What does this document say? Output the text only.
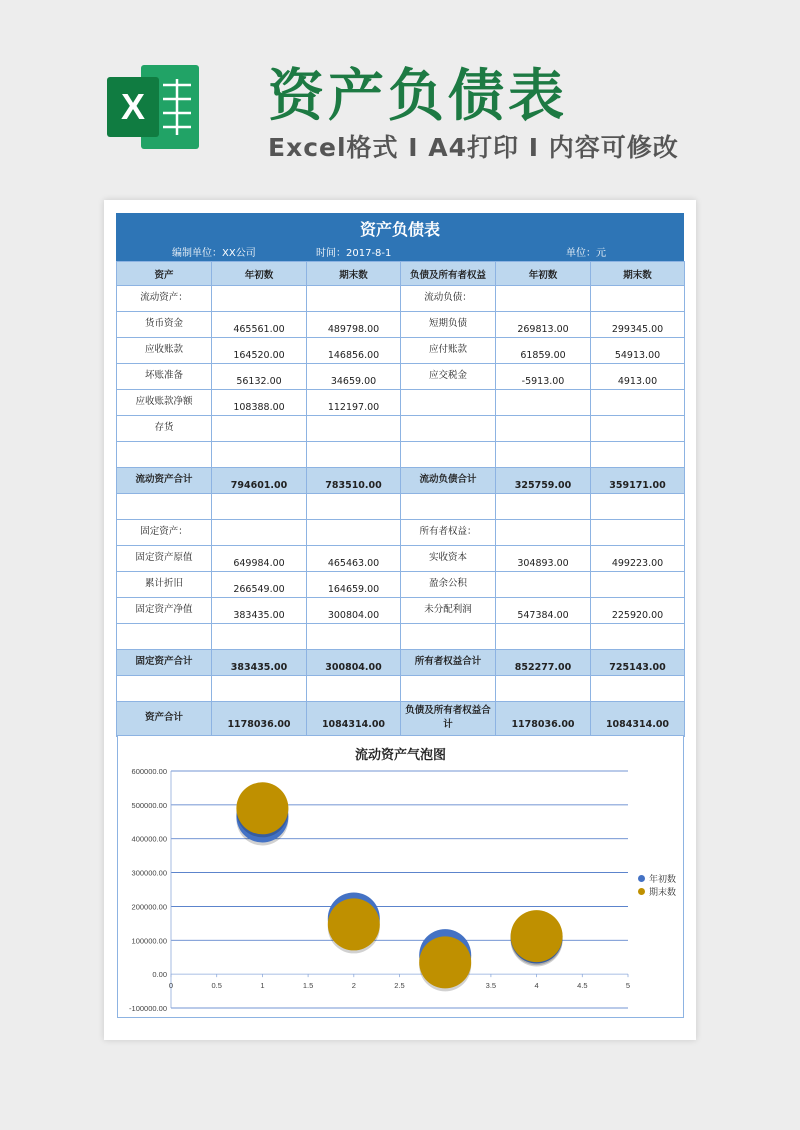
X 资产负债表
Excel格式 I A4打印 I 内容可修改
资产负债表
编制单位：XX公司	时间：2017-8-1	单位：元
资产	年初数	期末数	负债及所有者权益	年初数	期末数
流动资产：			流动负债：		
货币资金	465561.00	489798.00	短期负债	269813.00	299345.00
应收账款	164520.00	146856.00	应付账款	61859.00	54913.00
坏账准备	56132.00	34659.00	应交税金	-5913.00	4913.00
应收账款净额	108388.00	112197.00			
存货					

流动资产合计	794601.00	783510.00	流动负债合计	325759.00	359171.00

固定资产：			所有者权益：		
固定资产原值	649984.00	465463.00	实收资本	304893.00	499223.00
累计折旧	266549.00	164659.00	盈余公积		
固定资产净值	383435.00	300804.00	未分配利润	547384.00	225920.00

固定资产合计	383435.00	300804.00	所有者权益合计	852277.00	725143.00

资产合计	1178036.00	1084314.00	负债及所有者权益合计	1178036.00	1084314.00
流动资产气泡图
600000.00
500000.00
400000.00
300000.00
200000.00
100000.00
0.00
-100000.00
0	0.5	1	1.5	2	2.5	3.5	4	4.5	5
年初数
期末数
